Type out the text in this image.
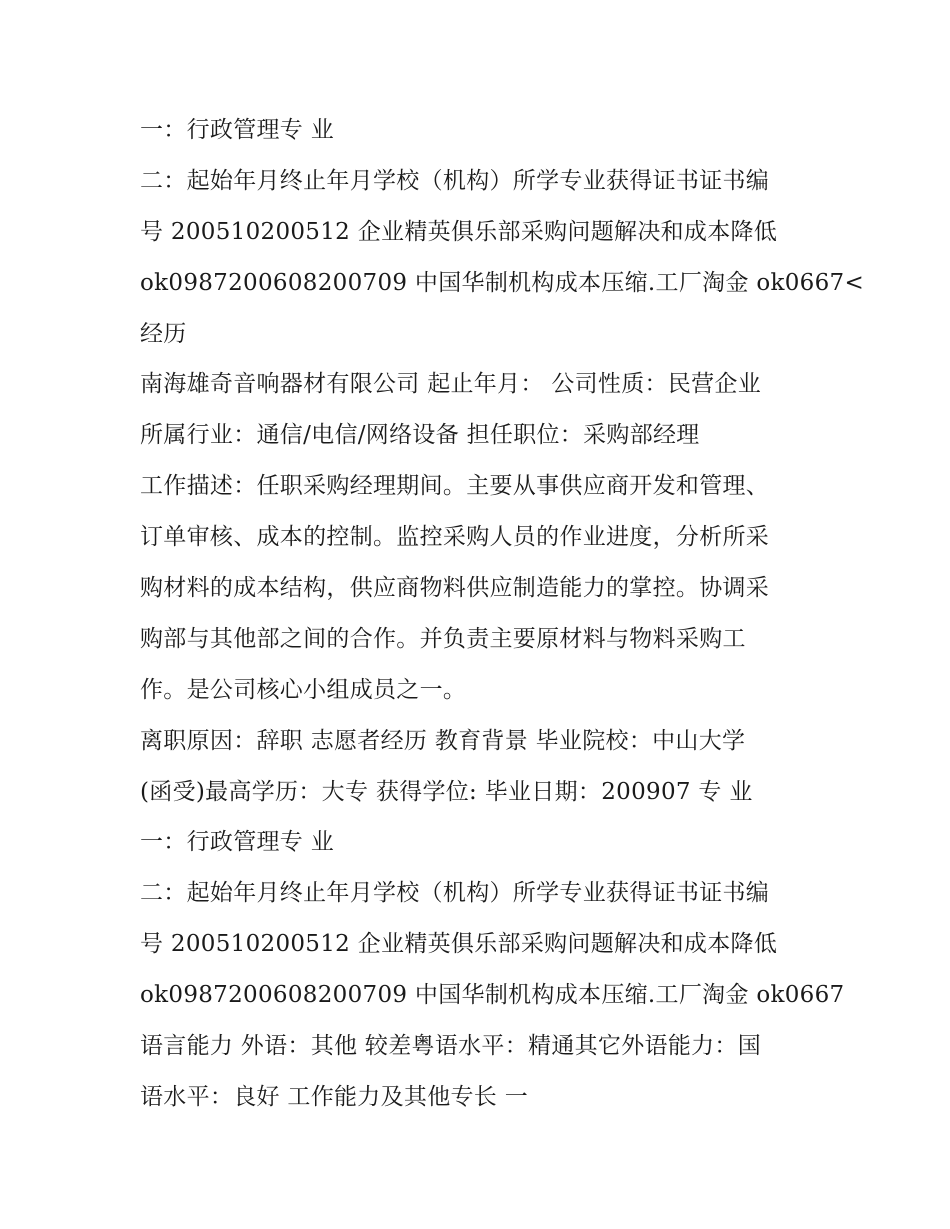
一：行政管理专 业
二：起始年月终止年月学校（机构）所学专业获得证书证书编
号 200510200512 企业精英俱乐部采购问题解决和成本降低
ok0987200608200709 中国华制机构成本压缩.工厂淘金 ok0667<
经历
南海雄奇音响器材有限公司 起止年月： 公司性质：民营企业
所属行业：通信/电信/网络设备 担任职位：采购部经理
工作描述：任职采购经理期间。主要从事供应商开发和管理、
订单审核、成本的控制。监控采购人员的作业进度，分析所采
购材料的成本结构，供应商物料供应制造能力的掌控。协调采
购部与其他部之间的合作。并负责主要原材料与物料采购工
作。是公司核心小组成员之一。
离职原因：辞职 志愿者经历 教育背景 毕业院校：中山大学
(函受)最高学历：大专 获得学位: 毕业日期：200907 专 业
一：行政管理专 业
二：起始年月终止年月学校（机构）所学专业获得证书证书编
号 200510200512 企业精英俱乐部采购问题解决和成本降低
ok0987200608200709 中国华制机构成本压缩.工厂淘金 ok0667
语言能力 外语：其他 较差粤语水平：精通其它外语能力：国
语水平：良好 工作能力及其他专长 一
